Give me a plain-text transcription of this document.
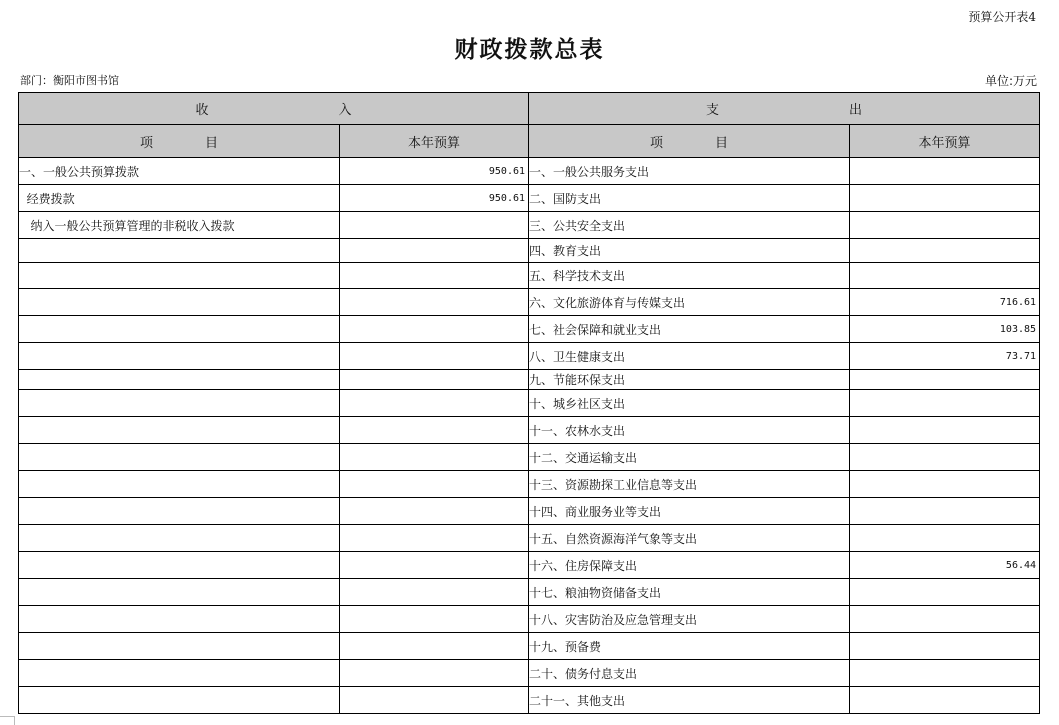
预算公开表4
财政拨款总表
部门：衡阳市图书馆	单位:万元
收　　　　　　　　　　入		支　　　　　　　　　　出	
项　　　　目	本年预算	项　　　　目	本年预算
一、一般公共预算拨款	950.61	一、一般公共服务支出	
经费拨款	950.61	二、国防支出	
纳入一般公共预算管理的非税收入拨款		三、公共安全支出	
		四、教育支出	
		五、科学技术支出	
		六、文化旅游体育与传媒支出	716.61
		七、社会保障和就业支出	103.85
		八、卫生健康支出	73.71
		九、节能环保支出	
		十、城乡社区支出	
		十一、农林水支出	
		十二、交通运输支出	
		十三、资源勘探工业信息等支出	
		十四、商业服务业等支出	
		十五、自然资源海洋气象等支出	
		十六、住房保障支出	56.44
		十七、粮油物资储备支出	
		十八、灾害防治及应急管理支出	
		十九、预备费	
		二十、债务付息支出	
		二十一、其他支出	
